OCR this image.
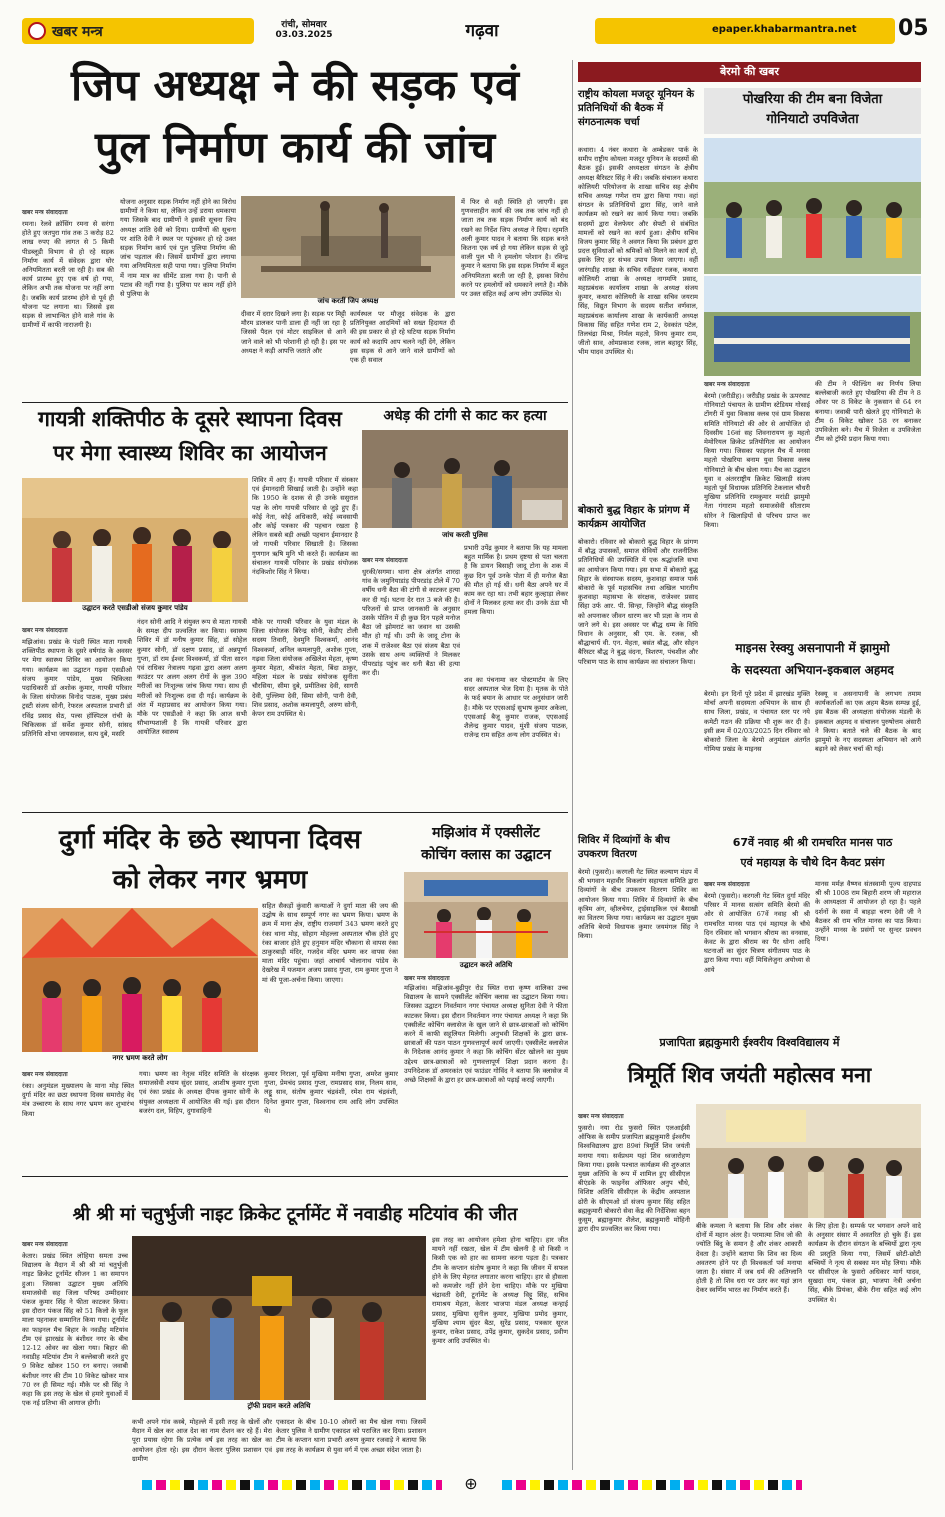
खबर मन्त्र	रांची, सोमवार
03.03.2025	गढ़वा	epaper.khabarmantra.net 05
जिप अध्यक्ष ने की सड़क एवं
पुल निर्माण कार्य की जांच
खबर मन्त्र संवाददाता
रमना। रेलवे क्रॉसिंग रमना से सरंगा होते हुए जतपुरा गांव तक 3 करोड़ 82 लाख रुपए की लागत से 5 किमी पीडब्लूडी विभाग से हो रहे सड़क निर्माण कार्य में संवेदक द्वारा घोर अनियमितता बरती जा रही है। सब की कार्य प्रारम्भ हुए एक वर्ष हो गया, लेकिन अभी तक योजना पर नहीं लगा है। जबकि कार्य प्रारम्भ होने से पूर्व ही योजना पट लगाना था। जिससे इस सड़क से लाभान्वित होने वाले गांव के ग्रामीणों में काफी नाराजगी है।
योजना अनुसार सड़क निर्माण नहीं होने का विरोध ग्रामीणों ने किया था, लेकिन उन्हें डराया धमकाया गया जिसके बाद ग्रामीणों ने इसकी सूचना जिप अध्यक्ष शांति देवी को दिया। ग्रामीणों की सूचना पर शांति देवी ने स्थल पर पहुंचकर हो रहे उक्त सड़क निर्माण कार्य एवं पुल पुलिया निर्माण की जांच पड़ताल की। जिसमें ग्रामीणों द्वारा लगाया गया अनियमितता सही पाया गया। पुलिया निर्माण में नाम मात्र का सीमेंट डाला गया है। पानी से पटाव की नहीं गया है। पुलिया पर काम नहीं होने से पुलिया के
जांच करतीं जिप अध्यक्ष
दीवार में दरार दिखने लगा है। सड़क पर मिट्टी मौरम डालकर पानी डाला ही नहीं जा रहा है जिससे पैदल एवं मोटर साइकिल से आने जाने वाले को भी परेशानी हो रही है। इस पर अध्यक्ष ने कड़ी आपत्ति जताते और
कार्यस्थल पर मौजूद संवेदक के द्वारा प्रतिनियुक्त आदमियों को सख्त हिदायत दी की इस प्रकार से हो रहे घटिया सड़क निर्माण कार्य को कदापि आप चलने नहीं देंगे, लेकिन इस सड़क से आने जाने वाले ग्रामीणों को एक ही सवाल
में फिर से वही स्थिति हो जाएगी। इस गुणवत्ताहीन कार्य की जब तक जांच नहीं हो जाता तब तक सड़क निर्माण कार्य को बंद रखने का निर्देश जिप अध्यक्ष ने दिया। रहमति अली कुमार यादव ने बताया कि सड़क बनते कितना एक वर्ष हो गया लेकिन सड़क से जुड़े वाली पुल भी ने हमलोग परेशान है। रविन्द्र कुमार ने बताया कि इस सड़क निर्माण में बहुत अनियमितता बरती जा रही है, इसका विरोध करने पर हमलोगों को धमकाने लगते है। मौके पर उक्त संहित कई अन्य लोग उपस्थित थे।
गायत्री शक्तिपीठ के दूसरे स्थापना दिवस
पर मेगा स्वास्थ्य शिविर का आयोजन
उद्घाटन करते एसडीओ संजय कुमार पांडेय
शिविर में आए हैं। गायत्री परिवार में संस्कार एवं ईमानदारी सिखाई जाती है। उन्होंने कहा कि 1950 के दशक से ही उनके ससुराल पक्ष के लोग गायत्री परिवार से जुड़े हुए हैं। कोई नेता, कोई अधिकारी, कोई व्यवसायी और कोई पत्रकार की पहचान रखता है लेकिन सबसे बड़ी अच्छी पहचान ईमानदार है जो गायत्री परिवार सिखाती है। जिसका गुणगान ऋषि मुनि भी करते हैं। कार्यक्रम का संचालन गायत्री परिवार के प्रखंड संयोजक नंदकिशोर सिंह ने किया।
खबर मन्त्र संवाददाता
मझिआंव। प्रखंड के पंडरी स्थित माता गायत्री शक्तिपीठ स्थापना के दूसरे वर्षगांठ के अवसर पर मेगा स्वास्थ्य शिविर का आयोजन किया गया। कार्यक्रम का उद्घाटन गढ़वा एसडीओ संजय कुमार पांडेय, मुख्य चिकित्सा पदाधिकारी डॉ अशोक कुमार, गायत्री परिवार के जिला संयोजक विनोद पाठक, मुख्य प्रबंध ट्रस्टी संजय सोनी, रेफरल अस्पताल प्रभारी डॉ रविंद्र प्रसाद सेठ, पल्स हॉस्पिटल रांची के चिकित्सक डॉ सर्वेश कुमार सोनी, सांसद प्रतिनिधि शोभा जायसवाल, सत्य दुबे, मसरि
नंदन सोनी आदि ने संयुक्त रूप से माता गायत्री के समक्ष दीप प्रज्वलित कर किया। स्वास्थ्य शिविर में डॉ मनीष कुमार सिंह, डॉ सोहेल कुमार सोनी, डॉ दक्षण प्रसाद, डॉ अन्नपूर्णा गुप्ता, डॉ राम ईश्वर विश्वकर्मा, डॉ पीता सारन एवं राधिका नेत्रालय गढ़वा द्वारा अलग अलग काउंटर पर अलग अलग रोगों के कुल 390 मरीजों का निःशुल्क जांच किया गया। साथ ही मरीजों को निःशुल्क दवा दी गई। कार्यक्रम के अंत में महाप्रसाद का आयोजन किया गया। मौके पर एसडीओ ने कहा कि आज सभी सौभाग्यशाली है कि गायत्री परिवार द्वारा आयोजित स्वास्थ्य
मौके पर गायत्री परिवार के युवा मंडल के जिला संयोजक बिरेन्द्र सोनी, केडीए टोली सदस्य तिवारी, देवमुनि विश्वकर्मा, आनंद विश्वकर्मा, अनिल कमलापुरी, अशोक गुप्ता, गढ़वा जिला संयोजक अखिलेश मेहता, कृष्ण कुमार मेहता, श्रीकांत मेहता, बिंदा ठाकुर, महिला मंडल के प्रखंड संयोजक सुनीता चौरसिया, सीमा दुबे, प्रमीतिका देवी, सागरी देवी, पुल्लिमा देवी, सिमा सोनी, पानी देवी, शिव प्रसाद, अशोक कमलापुरी, अरुण सोनी, केपन राम उपस्थित थे।
अधेड़ की टांगी से काट कर हत्या
जांच करती पुलिस
खबर मन्त्र संवाददाता
धुरकी/सगमा। थाना क्षेत्र अंतर्गत शारदा गांव के जमुनियाडांड़ पीपरडांड़ टोले में 70 वर्षीय धनी बैठा की टांगी से काटकर हत्या कर दी गई। घटना देर रात 3 बजे की है। परिजनों से प्राप्त जानकारी के अनुसार उसके पोतिन में ही कुछ दिन पहले मनोज बैठा जो झोमराटं का जवान था उसकी मौत हो गई थी। उपी के जादू टोना के शक में राजेश्वर बैठा एवं संजय बैठा एवं उसके साथ अन्य व्यक्तियों ने मिलकर पीपरडांड़ पहुंच कर धनी बैठा की हत्या कर दी।
प्रभारी उपेंद्र कुमार ने बताया कि यह मामला बहुत मार्मिक है। प्रथम दृष्टया से पता चलता है कि डायन बिसाही जादू टोना के शक में कुछ दिन पूर्व उनके पोता में ही मनोज बैठा की मौत हो गई थी। धनी बैठा अपने घर में काम कर रहा था। तभी बहार कुल्हाड़ा लेकर दोनों ने मिलकर हत्या कर दी। उनके ठंडा भी हमला किया।
शव का पंचनामा कर पोस्टमार्टम के लिए सदर अस्पताल भेज दिया है। मृतक के पोते के फर्द बयान के आधार पर अनुसंधान जारी है। मौके पर एएसआई सुभाष कुमार अकेला, एएसआई बैजू कुमार राजक, एएसआई शैलेन्द्र कुमार यादव, मुंशी संजय पाठक, राजेन्द्र राम सहित अन्य लोग उपस्थित थे।
दुर्गा मंदिर के छठे स्थापना दिवस
को लेकर नगर भ्रमण
नगर भ्रमण करते लोग
सहित सैकड़ों कुंवारी कन्याओं ने दुर्गा माता की जय की उद्घोष के साथ सम्पूर्ण नगर का भ्रमण किया। भ्रमण के क्रम में माना क्षेत्र, राष्ट्रीय राजमार्ग 343 भ्रमण करते हुए रंका थाना मोड़, सोहाग मोहल्ला अस्पताल चौक होते हुए रंका बाजार होते हुए हनुमान मंदिर चौकाना से वापस रंका ठाकुरबाड़ी मंदिर, गजदेव मंदिर भ्रमण कर वापस रंका माता मंदिर पहुंचा। जहां आचार्य भोलानाथ पांडेय के देखरेख में यजमान अजय प्रसाद गुप्ता, राम कुमार गुप्ता ने मां की पूजा-अर्चना किया। जाएगा।
खबर मन्त्र संवाददाता
रंका। अनुमंडल मुख्यालय के माना मोड़ स्थित दुर्गा मंदिर का छठा स्थापना दिवस समारोह वेद मंत्र उच्चारण के साथ नगर भ्रमण कर शुभारंभ किया
गया। भ्रमण का नेतृत्व मंदिर समिति के संरक्षक समाजसेवी श्याम सुंदर प्रसाद, आशीष कुमार गुप्ता एवं रंका प्रखंड के अध्यक्ष दीपक कुमार सोनी के संयुक्त अध्यक्षता में आयोजित की गई। इस दौरान बजरंग दल, विहिप, दुगावाहिनी
कुमार निराला, पूर्व मुखिया मनीषा गुप्ता, अमरेश कुमार गुप्ता, प्रेमचंद प्रसाद गुप्ता, रामप्रसाद साव, निलम साव, लड्डू साव, संतोष कुमार चंद्रवंशी, रमेश राम चंद्रवंशी, दिनेश कुमार गुप्ता, विश्वनाथ राम आदि लोग उपस्थित थे।
मझिआंव में एक्सीलेंट
कोचिंग क्लास का उद्घाटन
उद्घाटन करते अतिथि
खबर मन्त्र संवाददाता
मझिआंव। मझिआंव-बुढ़ीपुर रोड स्थित राधा कृष्ण वालिका उच्च विद्यालय के सामने एक्सीलेंट कोचिंग क्लास का उद्घाटन किया गया। जिसका उद्घाटन निवर्तमान नगर पंचायत अध्यक्ष सुनिता देवी ने फीता काटकर किया। इस दौरान निवर्तमान नगर पंचायत अध्यक्ष ने कहा कि एक्सीलेंट कोचिंग क्लासेज के खुल जाने से छात्र-छात्राओं को कोचिंग करने में काफी सहूलियत मिलेगी। अनुभवी शिक्षकों के द्वारा छात्र-छात्राओं की पठन पाठन गुणवत्तापूर्ण कार्य जाएगी। एक्सीलेंट क्लासेज के निदेशक आनंद कुमार ने कहा कि कोचिंग सेंटर खोलने का मुख्य उद्देश्य छात्र-छात्राओं को गुणवत्तापूर्ण शिक्षा प्रदान करना है। उपनिदेशक डॉ अमरकांत एवं फाउंडर गोविंद ने बताया कि क्लासेज में अच्छे शिक्षकों के द्वारा हर छात्र-छात्राओं को पढ़ाई कराई जाएगी।
श्री श्री मां चतुर्भुजी नाइट क्रिकेट टूर्नामेंट में नवाडीह मटियांव की जीत
खबर मन्त्र संवाददाता
केतार। प्रखंड स्थित लोहिया समता उच्च विद्यालय के मैदान में श्री श्री मां चतुर्भुजी नाइट क्रिकेट टूर्नामेंट सीजन 1 का समापन हुआ। जिसका उद्घाटन मुख्य अतिथि समाजसेवी सह जिला परिषद उम्मीदवार पंकज कुमार सिंह ने फीता काटकर किया। इस दौरान पंकज सिंह को 51 किलो के फूल माला पहनाकर सम्मानित किया गया। टूर्नामेंट का फाइनल मैच बिहार के नवडीह मटियांव टीम एवं झारखंड के बंशीधर नगर के बीच 12-12 ओवर का खेला गया। बिहार की नवाडीह मटियांव टीम ने बल्लेबाजी करते हुए 9 विकेट खोकर 150 रन बनाए। जवाबी बंशीधर नगर की टीम 10 विकेट खोकर मात्र 70 रन ही सिमट गई। मौके पर श्री सिंह ने कहा कि इस तरह के खेल से हमारे युवाओं में एक नई प्रतिभा की आगाज होगी।	ट्रॉफी प्रदान करते अतिथि
कभी अपने गांव कस्बे, मोहल्ले में इसी तरह के खेलों और मैदान में खेल कर आज देश का नाम रोशन कर रहे हैं। मेरा पूरा प्रयास रहेगा कि प्रत्येक वर्ष इस तरह का खेल का आयोजन होता रहे। इस दौरान केतार पुलिस प्रशासन एवं ग्रामीण
एकादश के बीच 10-10 ओवरों का मैच खेला गया। जिसमें केतार पुलिस ने ग्रामीण एकादश को पराजित कर दिया। प्रशासन टीम के कप्तान थाना प्रभारी अरुण कुमार रजवाड़े ने बताया कि इस तरह के कार्यक्रम से युवा वर्ग में एक अच्छा संदेश जाता है।
इस तरह का आयोजन हमेशा होना चाहिए। हार जीत मायने नहीं रखता, खेल में टीम खेलनी है वो किसी न किसी एक को हार का सामना करना पड़ता है। पत्रकार टीम के कप्तान संतोष कुमार ने कहा कि जीवन में सफल होने के लिए मेहनत लगातार करना चाहिए। हार से हौसला को कमजोर नहीं होने देना चाहिए। मौके पर मुखिया चंद्रावती देवी, टूर्नामेंट के अध्यक्ष विट्टू सिंह, सचिव रामाश्रय मेहता, केतार भाजपा मंडल अध्यक्ष कन्हाई प्रसाद, मुखिया सुनील कुमार, मुखिया प्रमोद कुमार, मुखिया श्याम सुंदर बैठा, सुरेंद्र प्रसाद, पत्रकार सूरज कुमार, राकेश प्रसाद, उपेंद्र कुमार, सुकदेव प्रसाद, प्रवीण कुमार आदि उपस्थित थे।
बेरमो की खबर
राष्ट्रीय कोयला मजदूर यूनियन के प्रतिनिधियों की बैठक में संगठनात्मक चर्चा
कथारा। 4 नंबर कथारा के अम्बेडकर पार्क के समीप राष्ट्रीय कोयला मजदूर यूनियन के सदस्यों की बैठक हुई। इसकी अध्यक्षता संगठन के क्षेत्रीय अध्यक्ष बैरिस्टर सिंह ने की। जबकि संचालन कथारा कोलियरी परियोजना के शाखा सचिव सह क्षेत्रीय सचिव अध्यक्ष गणेश राम द्वारा किया गया। वहां संगठन के प्रतिनिधियों द्वारा सिंह, जाने वाले कार्यक्रम को रखने का कार्य किया गया। जबकि सदस्यों द्वारा वेलफेयर और सेफ्टी से संबंधित मामलों को रखने का कार्य हुआ। क्षेत्रीय सचिव विजय कुमार सिंह ने अवगत किया कि प्रबंधन द्वारा प्रदत्त सुविधाओं को श्रमिकों को मिलने का कार्य हो, इसके लिए हर संभव उपाय किया जाएगा। वहीं जारंगडीह शाखा के सचिव रवींद्रधर रजक, कथारा कोलियरी शाखा के अध्यक्ष नागमणि प्रसाद, महाप्रबंधक कार्यालय शाखा के अध्यक्ष संजय कुमार, कथारा कोलियरी के शाखा सचिव जयराम सिंह, विद्युत विभाग के सदस्य सतीश वर्णवाल, महाप्रबंधक कार्यालय शाखा के कार्यकारी अध्यक्ष विकास सिंह सहित गणेश राम 2, देवकांत पटेल, तिलचंद्रा मिश्रा, निर्मल महतो, विनय कुमार राम, जीतो साव, ओमप्रकाश रजक, लाल बहादुर सिंह, भीम यादव उपस्थित थे।
पोखरिया की टीम बना विजेता
गोनियाटो उपविजेता
खबर मन्त्र संवाददाता
बेरमो (जरीडीह)। जरीडीह प्रखंड के ऊपरघाट गोनियाटो पंचायत के ग्रामीण स्टेडियम गोसाई टोंगरी में युवा विकास क्लब एवं ग्राम विकास समिति गोनियाटो की ओर से आयोजित दो दिवसीय 16वां सह शिवनारायण कु महतो मेमोरियल क्रिकेट प्रतियोगिता का आयोजन किया गया। जिसका फाइनल मैच में मनसा महतो पोखरिया बनाम युवा विकास क्लब गोनियाटो के बीच खेला गया। मैच का उद्घाटन युवा व अंतरराष्ट्रीय क्रिकेट खिलाड़ी संजय महतो पूर्व विधायक प्रतिनिधि टेकलाल चौधरी मुखिया प्रतिनिधि रामकुमार मरांडी झामुमो नेता गंगाराम महतो समाजसेवी सीताराम सोरेन ने खिलाड़ियों से परिचय प्राप्त कर किया।
की टीम ने फील्डिंग का निर्णय लिया बल्लेबाजी करते हुए पोखरिया की टीम ने 8 ओवर पर 8 विकेट के नुकसान से 64 रन बनाया। जवाबी पारी खेलते हुए गोनियाटो के टीम 6 विकेट खोकर 58 रन बनाकर उपविजेता बने। मैच में विजेता व उपविजेता टीम को ट्रॉफी प्रदान किया गया।
बोकारो बुद्ध विहार के प्रांगण में कार्यक्रम आयोजित
बोकारो। रविवार को बोकारो बुद्ध विहार के प्रांगण में बौद्ध उपासकों, समाज सेवियों और राजनीतिक प्रतिनिधियों की उपस्थिति में एक श्रद्धांजलि सभा का आयोजन किया गया। इस सभा में बोकारो बुद्ध विहार के संस्थापक सदस्य, कुशवाहा समाज पार्क बोकारो के पूर्व महासचिव तथा अखिल भारतीय कुशवाहा महासभा के संरक्षक, राजेश्वर प्रसाद सिंहा उर्फ आर. पी. सिन्हा, जिन्होंने बौद्ध संस्कृति को अपनाकर जीवन धारण कर भी प्रज्ञा के नाम से जाने लगे थे। इस अवसर पर बौद्ध धम्म के विधि विधान के अनुसार, श्री एम. के. रजक, श्री बौद्धाचार्य वी. एन. मेहता, बसंत बौद्ध, और सोहन बैरिस्टर बौद्ध ने बुद्ध वंदना, त्रिशरण, पंचशील और परित्राण पाठ के साथ कार्यक्रम का संचालन किया।
माइनस रेस्क्यु असनापानी में झामुमो
के सदस्यता अभियान-इकबाल अहमद
बेरमो। इन दिनों पूरे प्रदेश में झारखंड मुक्ति मोर्चा अपनी सदस्यता अभियान के साथ ही साथ जिला, प्रखंड, व पंचायत स्तर पर नये कमेटी गठन की प्रक्रिया भी शुरू कर दी है। इसी क्रम में 02/03/2025 दिन रविवार को बोकारो जिला के बेरमो अनुमंडल अंतर्गत गोमिया प्रखंड के माइनस
रेस्क्यू व असनापानी के लगभग तमाम कार्यकर्ताओं का एक अहम बैठक सम्पन्न हुई, इस बैठक की अध्यक्षता संयोजक मंडली के इकबाल अहमद व संचालन पुरुषोत्तम अंसारी ने किया। बताते चले की बैठक के बाद झामुमो के नए सदस्यता अभियान को आगे बढ़ाने को लेकर चर्चा की गई।
67वें नवाह श्री श्री रामचरित मानस पाठ
एवं महायज्ञ के चौथे दिन कैवट प्रसंग
खबर मन्त्र संवाददाता
बेरमो (फुसरो)। करगली गेट स्थित दुर्गा मंदिर परिसर में मानस सत्संग समिति बेरमो की ओर से आयोजित 67वें नवाह श्री श्री रामचरित मानस पाठ एवं महायज्ञ के चौथे दिन रविवार को भगवान श्रीराम का वनवास, केवट के द्वारा श्रीराम का पैर धोना आदि घटनाओं का सुंदर चित्रण संगीतमय पाठ के द्वारा किया गया। वहीं मिथिलेजुना अयोध्या से आये
मानस मर्मज्ञ वैष्णव संतस्वामी पूज्य दाहपाड श्री श्री 1008 राम बिहारी शरण जी महाराज के आध्यक्षता में आयोजन हो रहा है। पहले दर्शनों के सवा में बाहड़ा चरण देवी जी ने बैठकर श्री राम चरित मानस का पाठ किया। उन्होंने मानस के प्रसंगों पर सुन्दर प्रवचन दिया।
शिविर में दिव्यांगों के बीच उपकरण वितरण
बेरमो (फुसरो)। करगली गेट स्थित कल्याण मंडप में श्री भगवान महावीर विकलांग सहायता समिति द्वारा दिव्यांगों के बीच उपकरण वितरण शिविर का आयोजन किया गया। शिविर में दिव्यांगों के बीच कृत्रिम अंग, व्हीलचेयर, ट्राईसाइकिल एवं बैसाखी का वितरण किया गया। कार्यक्रम का उद्घाटन मुख्य अतिथि बेरमो विधायक कुमार जयमंगल सिंह ने किया।
प्रजापिता ब्रह्मकुमारी ईश्वरीय विश्वविद्यालय में
त्रिमूर्ति शिव जयंती महोत्सव मना
खबर मन्त्र संवाददाता
फुसरो। नया रोड फुसरो स्थित एलआईसी ऑफिस के समीप प्रजापिता ब्रह्मकुमारी ईश्वरीय विश्वविद्यालय द्वारा 89वां त्रिमूर्ति शिव जयंती मनाया गया। सर्वप्रथम यहां शिव ध्वजारोहण किया गया। इसके पश्चात कार्यक्रम की शुरुआत मुख्य अतिथि के रूप में शामिल हुए सीसीएल बीएंडके के फाइनेंस ऑफिसर अनुप चौधे, विशिष्ट अतिथि सीसीएल के केंद्रीय अस्पताल ढोरी के सीएमओ डॉ संजय कुमार सिंह सहित ब्रह्मकुमारी बोकारो सेवा केंद्र की निर्देशिका बहन कुसुम, ब्रह्माकुमार शैलेश, ब्रह्मकुमारी मोहिनी द्वारा दीप प्रज्वलित कर किया गया।	बीके कमला ने बताया कि शिव और शंकर दोनों में महान अंतर है। परमात्मा शिव जो की ज्योति बिंदु के समान है और शंकर आकारी देवता है। उन्होंने बताया कि शिव का दिव्य अवतरण होने पर ही विश्वकर्ता पर्व मनाया जाता है। संसार में जब धर्म की अतिग्लानि होती है तो शिव धरा पर उतर कर यहां ज्ञान देकर स्वर्णिम भारत का निर्माण करते हैं।
के लिए होता है। सम्पर्क पर भगवान अपने वादे के अनुसार संसार में अवतरित हो चुके हैं। इस कार्यक्रम के दौरान संगठन के बच्चियों द्वारा नृत्य की प्रस्तुति किया गया, जिसमें छोटी-छोटी बच्चियों ने नृत्य से सबका मन मोह लिया। मौके पर सीसीएल के फुसरो अधिकार मार्ग यादव, सुखदा राम, पंकज झा, भाजपा नेत्री अर्चना सिंह, बीके प्रियंका, बीके रीना सहित कई लोग उपस्थित थे।
⊕
